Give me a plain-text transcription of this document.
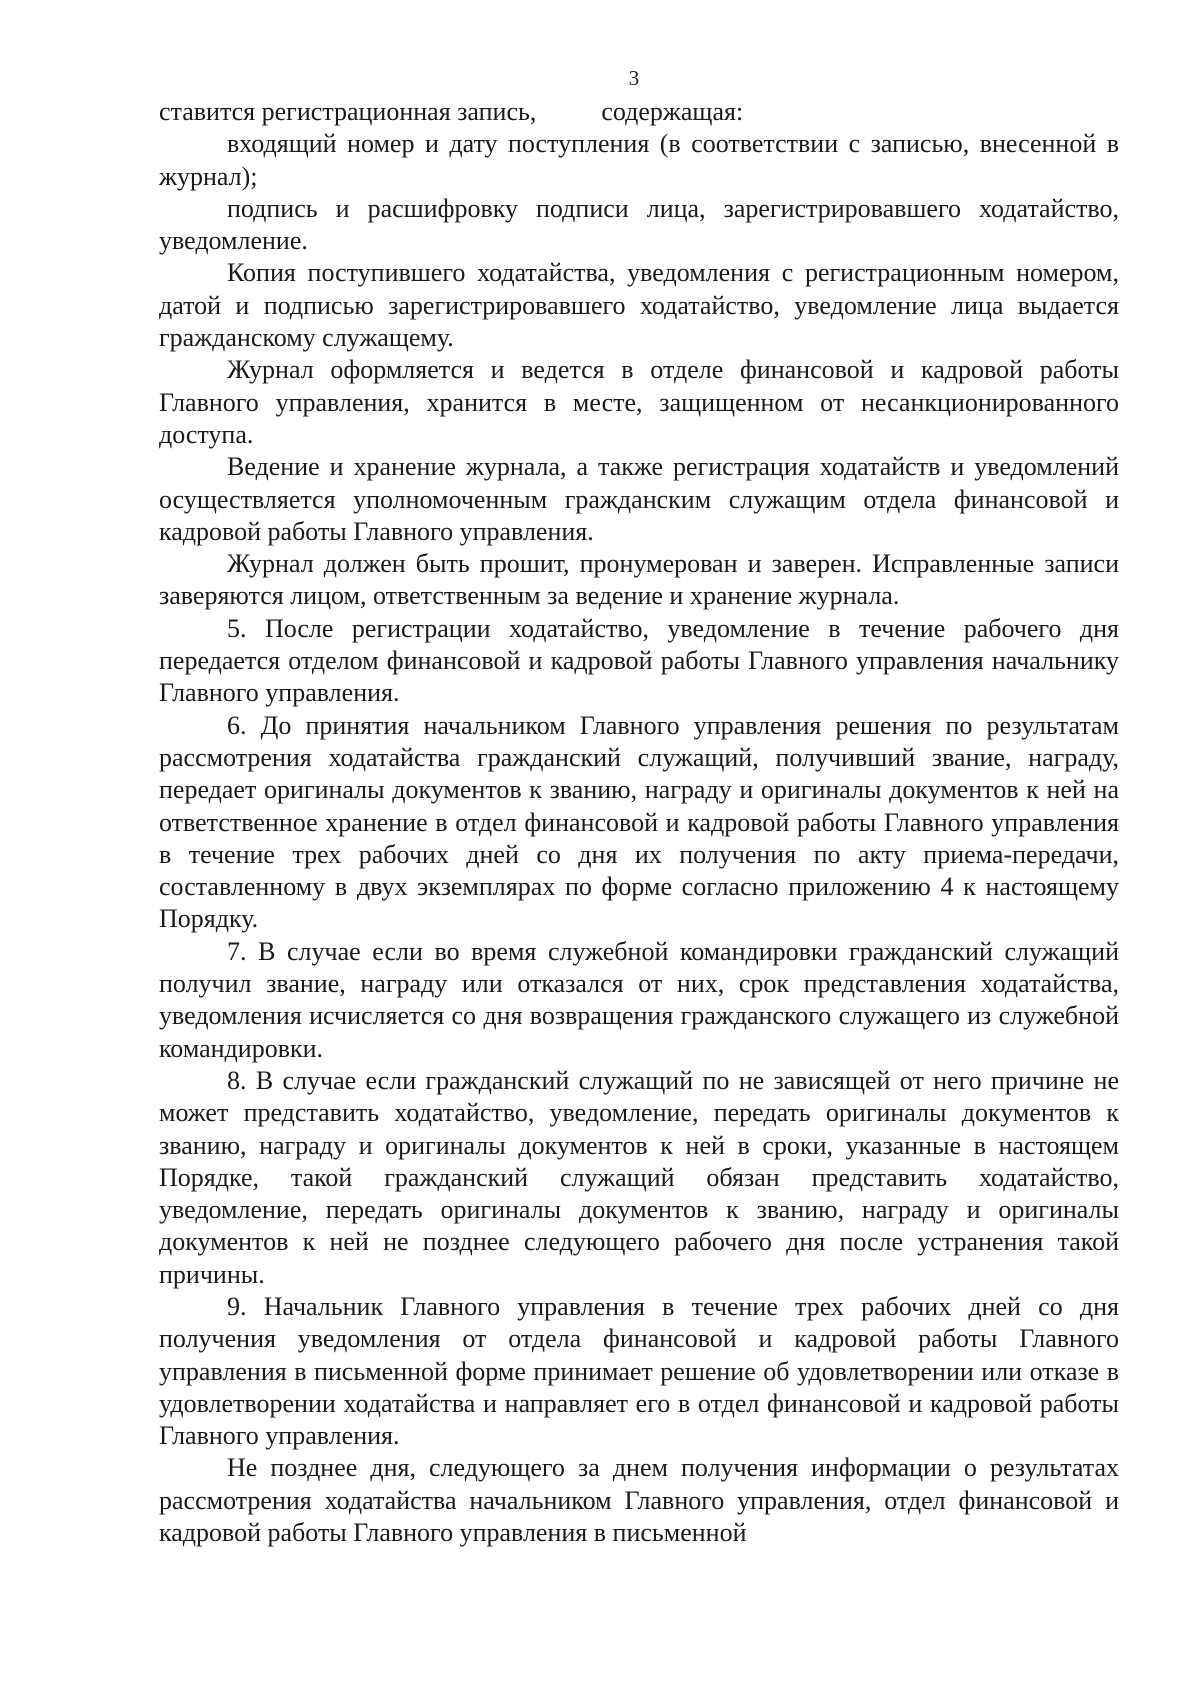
3

ставится регистрационная запись,          содержащая:

входящий номер и дату поступления (в соответствии с записью, внесенной в журнал);

подпись и расшифровку подписи лица, зарегистрировавшего ходатайство, уведомление.

Копия поступившего ходатайства, уведомления с регистрационным номером, датой и подписью зарегистрировавшего ходатайство, уведомление лица выдается гражданскому служащему.

Журнал оформляется и ведется в отделе финансовой и кадровой работы Главного управления, хранится в месте, защищенном от несанкционированного доступа.

Ведение и хранение журнала, а также регистрация ходатайств и уведомлений осуществляется уполномоченным гражданским служащим отдела финансовой и кадровой работы Главного управления.

Журнал должен быть прошит, пронумерован и заверен. Исправленные записи заверяются лицом, ответственным за ведение и хранение журнала.

5. После регистрации ходатайство, уведомление в течение рабочего дня передается отделом финансовой и кадровой работы Главного управления начальнику Главного управления.

6. До принятия начальником Главного управления решения по результатам рассмотрения ходатайства гражданский служащий, получивший звание, награду, передает оригиналы документов к званию, награду и оригиналы документов к ней на ответственное хранение в отдел финансовой и кадровой работы Главного управления в течение трех рабочих дней со дня их получения по акту приема-передачи, составленному в двух экземплярах по форме согласно приложению 4 к настоящему Порядку.

7. В случае если во время служебной командировки гражданский служащий получил звание, награду или отказался от них, срок представления ходатайства, уведомления исчисляется со дня возвращения гражданского служащего из служебной командировки.

8. В случае если гражданский служащий по не зависящей от него причине не может представить ходатайство, уведомление, передать оригиналы документов к званию, награду и оригиналы документов к ней в сроки, указанные в настоящем Порядке, такой гражданский служащий обязан представить ходатайство, уведомление, передать оригиналы документов к званию, награду и оригиналы документов к ней не позднее следующего рабочего дня после устранения такой причины.

9. Начальник Главного управления в течение трех рабочих дней со дня получения уведомления от отдела финансовой и кадровой работы Главного управления в письменной форме принимает решение об удовлетворении или отказе в удовлетворении ходатайства и направляет его в отдел финансовой и кадровой работы Главного управления.

Не позднее дня, следующего за днем получения информации о результатах рассмотрения ходатайства начальником Главного управления, отдел финансовой и кадровой работы Главного управления в письменной
